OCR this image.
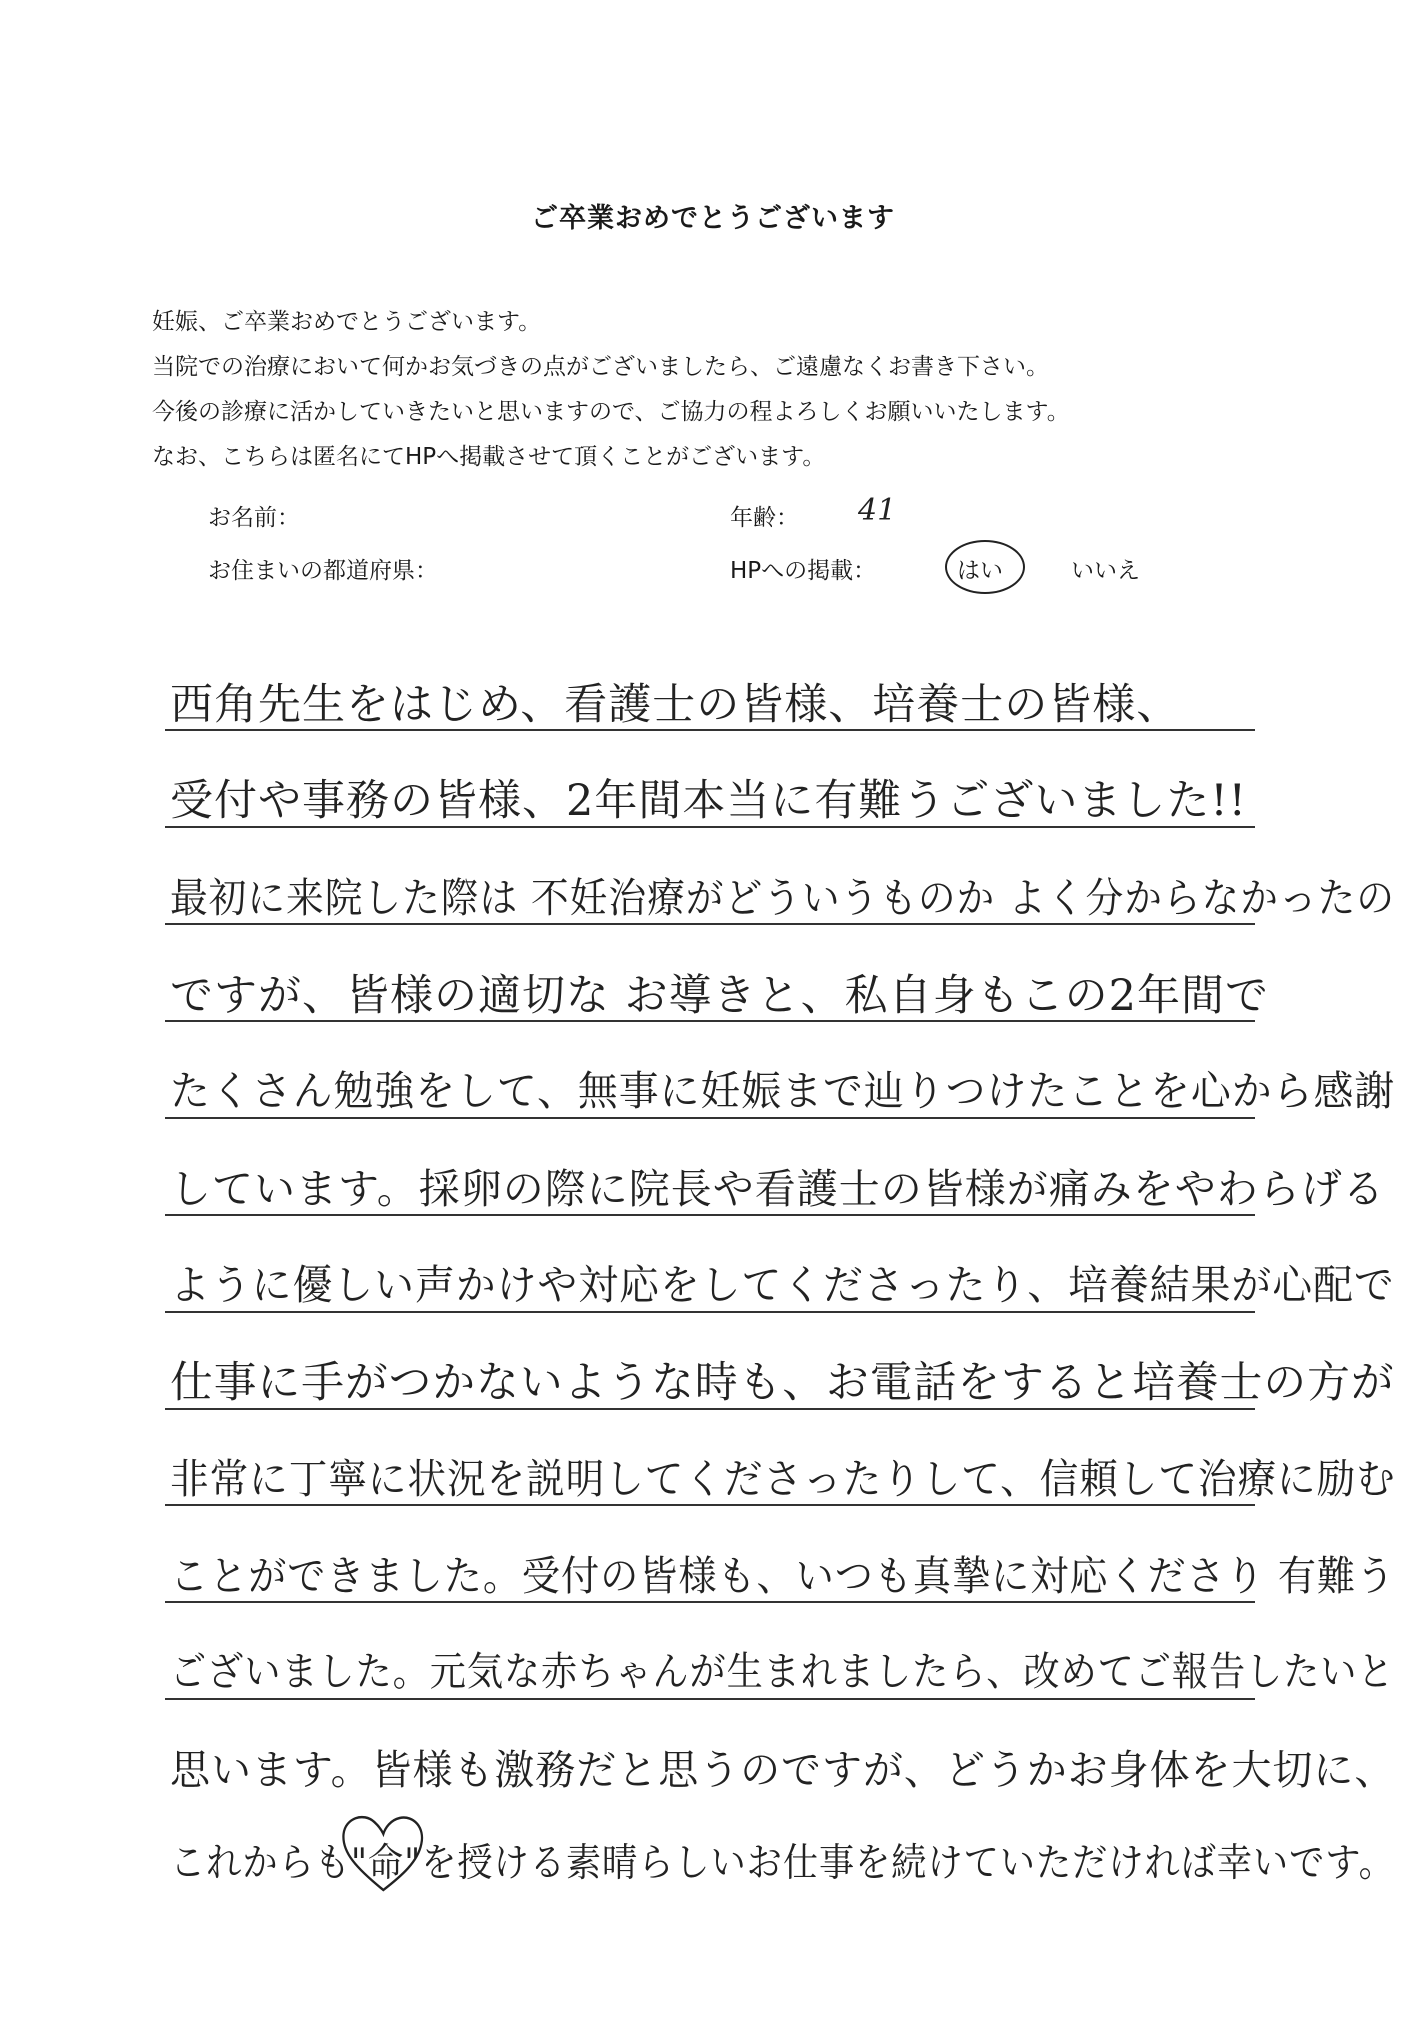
ご卒業おめでとうございます
妊娠、ご卒業おめでとうございます。
当院での治療において何かお気づきの点がございましたら、ご遠慮なくお書き下さい。
今後の診療に活かしていきたいと思いますので、ご協力の程よろしくお願いいたします。
なお、こちらは匿名にてHPへ掲載させて頂くことがございます。
お名前：	年齢： 41
お住まいの都道府県：	HPへの掲載：	はい	いいえ
西角先生をはじめ、看護士の皆様、培養士の皆様、
受付や事務の皆様、2年間本当に有難うございました!!
最初に来院した際は 不妊治療がどういうものか よく分からなかったの
ですが、皆様の適切な お導きと、私自身もこの2年間で
たくさん勉強をして、無事に妊娠まで辿りつけたことを心から感謝
しています。採卵の際に院長や看護士の皆様が痛みをやわらげる
ように優しい声かけや対応をしてくださったり、培養結果が心配で
仕事に手がつかないような時も、お電話をすると培養士の方が
非常に丁寧に状況を説明してくださったりして、信頼して治療に励む
ことができました。受付の皆様も、いつも真摯に対応くださり 有難う
ございました。元気な赤ちゃんが生まれましたら、改めてご報告したいと
思います。皆様も激務だと思うのですが、どうかお身体を大切に、
これからも
"命"を授ける素晴らしいお仕事を続けていただければ幸いです。
